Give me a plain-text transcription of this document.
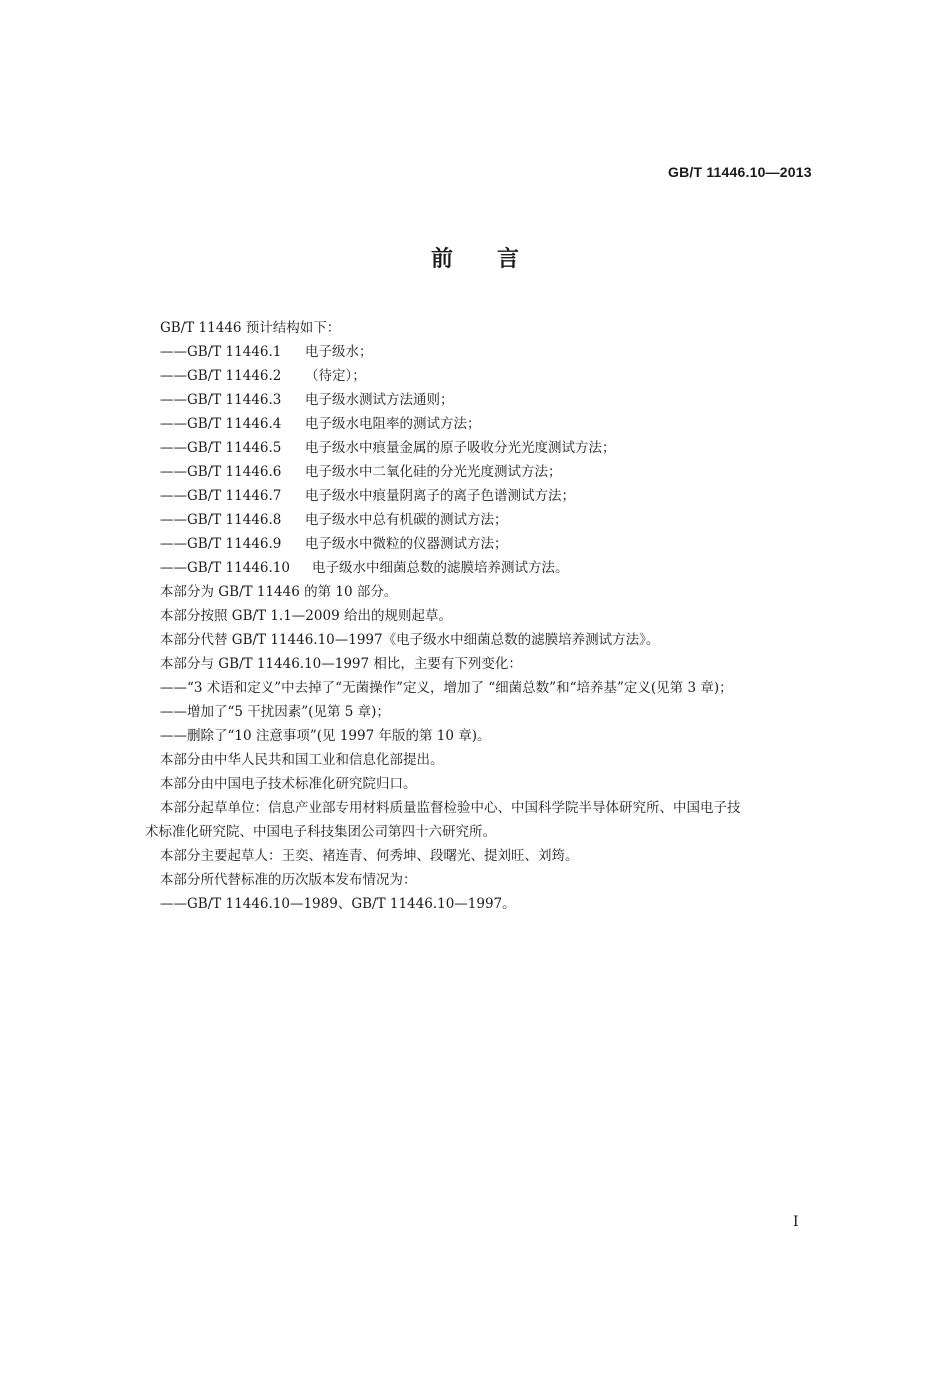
GB/T 11446.10—2013
前言
GB/T 11446 预计结构如下：
——GB/T 11446.1 电子级水；
——GB/T 11446.2 （待定）；
——GB/T 11446.3 电子级水测试方法通则；
——GB/T 11446.4 电子级水电阻率的测试方法；
——GB/T 11446.5 电子级水中痕量金属的原子吸收分光光度测试方法；
——GB/T 11446.6 电子级水中二氧化硅的分光光度测试方法；
——GB/T 11446.7 电子级水中痕量阴离子的离子色谱测试方法；
——GB/T 11446.8 电子级水中总有机碳的测试方法；
——GB/T 11446.9 电子级水中微粒的仪器测试方法；
——GB/T 11446.10 电子级水中细菌总数的滤膜培养测试方法。
本部分为 GB/T 11446 的第 10 部分。
本部分按照 GB/T 1.1—2009 给出的规则起草。
本部分代替 GB/T 11446.10—1997《电子级水中细菌总数的滤膜培养测试方法》。
本部分与 GB/T 11446.10—1997 相比，主要有下列变化：
——“3 术语和定义”中去掉了“无菌操作”定义，增加了 “细菌总数”和“培养基”定义(见第 3 章)；
——增加了“5 干扰因素”(见第 5 章)；
——删除了“10 注意事项”(见 1997 年版的第 10 章)。
本部分由中华人民共和国工业和信息化部提出。
本部分由中国电子技术标准化研究院归口。
本部分起草单位：信息产业部专用材料质量监督检验中心、中国科学院半导体研究所、中国电子技
术标准化研究院、中国电子科技集团公司第四十六研究所。
本部分主要起草人：王奕、褚连青、何秀坤、段曙光、提刘旺、刘筠。
本部分所代替标准的历次版本发布情况为：
——GB/T 11446.10—1989、GB/T 11446.10—1997。
I
